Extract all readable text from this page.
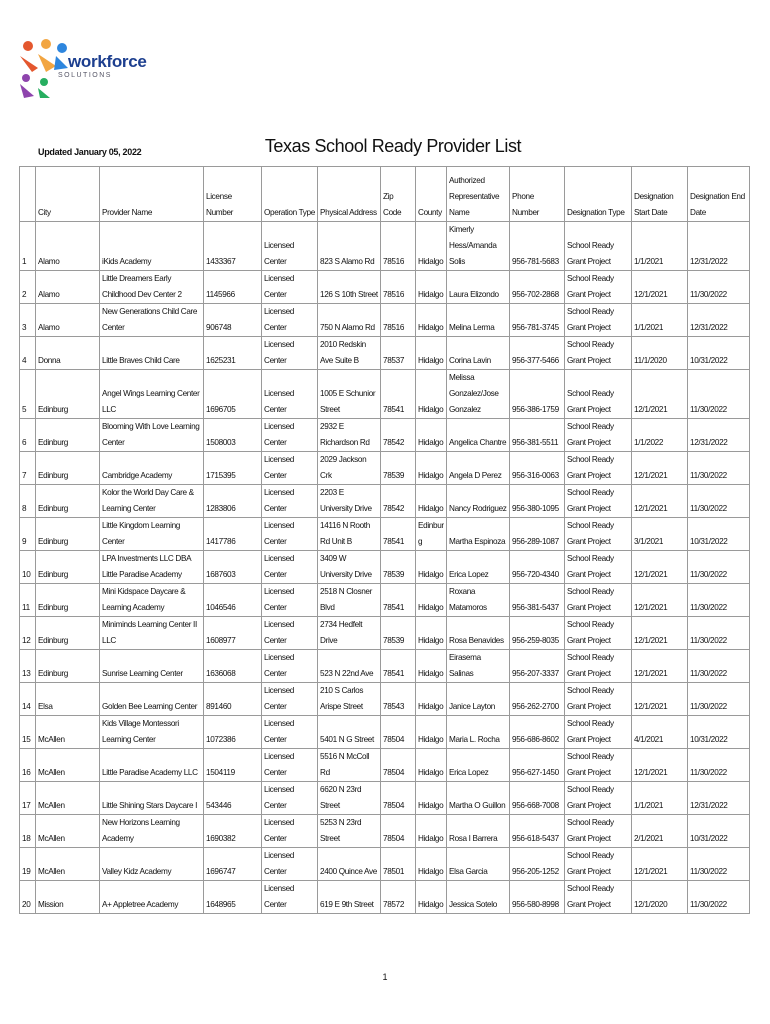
workforce
SOLUTIONS
Updated January 05, 2022	Texas School Ready Provider List
	City	Provider Name	License Number	Operation Type	Physical Address	Zip Code	County	Authorized Representative Name	Phone Number	Designation Type	Designation Start Date	Designation End Date
1	Alamo	iKids Academy	1433367	Licensed Center	823 S Alamo Rd	78516	Hidalgo	Kimerly Hess/Amanda Solis	956-781-5683	School Ready Grant Project	1/1/2021	12/31/2022
2	Alamo	Little Dreamers Early Childhood Dev Center 2	1145966	Licensed Center	126 S 10th Street	78516	Hidalgo	Laura Elizondo	956-702-2868	School Ready Grant Project	12/1/2021	11/30/2022
3	Alamo	New Generations Child Care Center	906748	Licensed Center	750 N Alamo Rd	78516	Hidalgo	Melina Lerma	956-781-3745	School Ready Grant Project	1/1/2021	12/31/2022
4	Donna	Little Braves Child Care	1625231	Licensed Center	2010 Redskin Ave Suite B	78537	Hidalgo	Corina Lavin	956-377-5466	School Ready Grant Project	11/1/2020	10/31/2022
5	Edinburg	Angel Wings Learning Center LLC	1696705	Licensed Center	1005 E Schunior Street	78541	Hidalgo	Melissa Gonzalez/Jose Gonzalez	956-386-1759	School Ready Grant Project	12/1/2021	11/30/2022
6	Edinburg	Blooming With Love Learning Center	1508003	Licensed Center	2932 E Richardson Rd	78542	Hidalgo	Angelica Chantre	956-381-5511	School Ready Grant Project	1/1/2022	12/31/2022
7	Edinburg	Cambridge Academy	1715395	Licensed Center	2029 Jackson Crk	78539	Hidalgo	Angela D Perez	956-316-0063	School Ready Grant Project	12/1/2021	11/30/2022
8	Edinburg	Kolor the World Day Care & Learning Center	1283806	Licensed Center	2203 E University Drive	78542	Hidalgo	Nancy Rodriguez	956-380-1095	School Ready Grant Project	12/1/2021	11/30/2022
9	Edinburg	Little Kingdom Learning Center	1417786	Licensed Center	14116 N Rooth Rd Unit B	78541	Edinburg	Martha Espinoza	956-289-1087	School Ready Grant Project	3/1/2021	10/31/2022
10	Edinburg	LPA Investments LLC DBA Little Paradise Academy	1687603	Licensed Center	3409 W University Drive	78539	Hidalgo	Erica Lopez	956-720-4340	School Ready Grant Project	12/1/2021	11/30/2022
11	Edinburg	Mini Kidspace Daycare & Learning Academy	1046546	Licensed Center	2518 N Closner Blvd	78541	Hidalgo	Roxana Matamoros	956-381-5437	School Ready Grant Project	12/1/2021	11/30/2022
12	Edinburg	Miniminds Learning Center II LLC	1608977	Licensed Center	2734 Hedfelt Drive	78539	Hidalgo	Rosa Benavides	956-259-8035	School Ready Grant Project	12/1/2021	11/30/2022
13	Edinburg	Sunrise Learning Center	1636068	Licensed Center	523 N 22nd Ave	78541	Hidalgo	Eirasema Salinas	956-207-3337	School Ready Grant Project	12/1/2021	11/30/2022
14	Elsa	Golden Bee Learning Center	891460	Licensed Center	210 S Carlos Arispe Street	78543	Hidalgo	Janice Layton	956-262-2700	School Ready Grant Project	12/1/2021	11/30/2022
15	McAllen	Kids Village Montessori Learning Center	1072386	Licensed Center	5401 N G Street	78504	Hidalgo	Maria L. Rocha	956-686-8602	School Ready Grant Project	4/1/2021	10/31/2022
16	McAllen	Little Paradise Academy LLC	1504119	Licensed Center	5516 N McColl Rd	78504	Hidalgo	Erica Lopez	956-627-1450	School Ready Grant Project	12/1/2021	11/30/2022
17	McAllen	Little Shining Stars Daycare I	543446	Licensed Center	6620 N 23rd Street	78504	Hidalgo	Martha O Guillon	956-668-7008	School Ready Grant Project	1/1/2021	12/31/2022
18	McAllen	New Horizons Learning Academy	1690382	Licensed Center	5253 N 23rd Street	78504	Hidalgo	Rosa I Barrera	956-618-5437	School Ready Grant Project	2/1/2021	10/31/2022
19	McAllen	Valley Kidz Academy	1696747	Licensed Center	2400 Quince Ave	78501	Hidalgo	Elsa Garcia	956-205-1252	School Ready Grant Project	12/1/2021	11/30/2022
20	Mission	A+ Appletree Academy	1648965	Licensed Center	619 E 9th Street	78572	Hidalgo	Jessica Sotelo	956-580-8998	School Ready Grant Project	12/1/2020	11/30/2022
1
